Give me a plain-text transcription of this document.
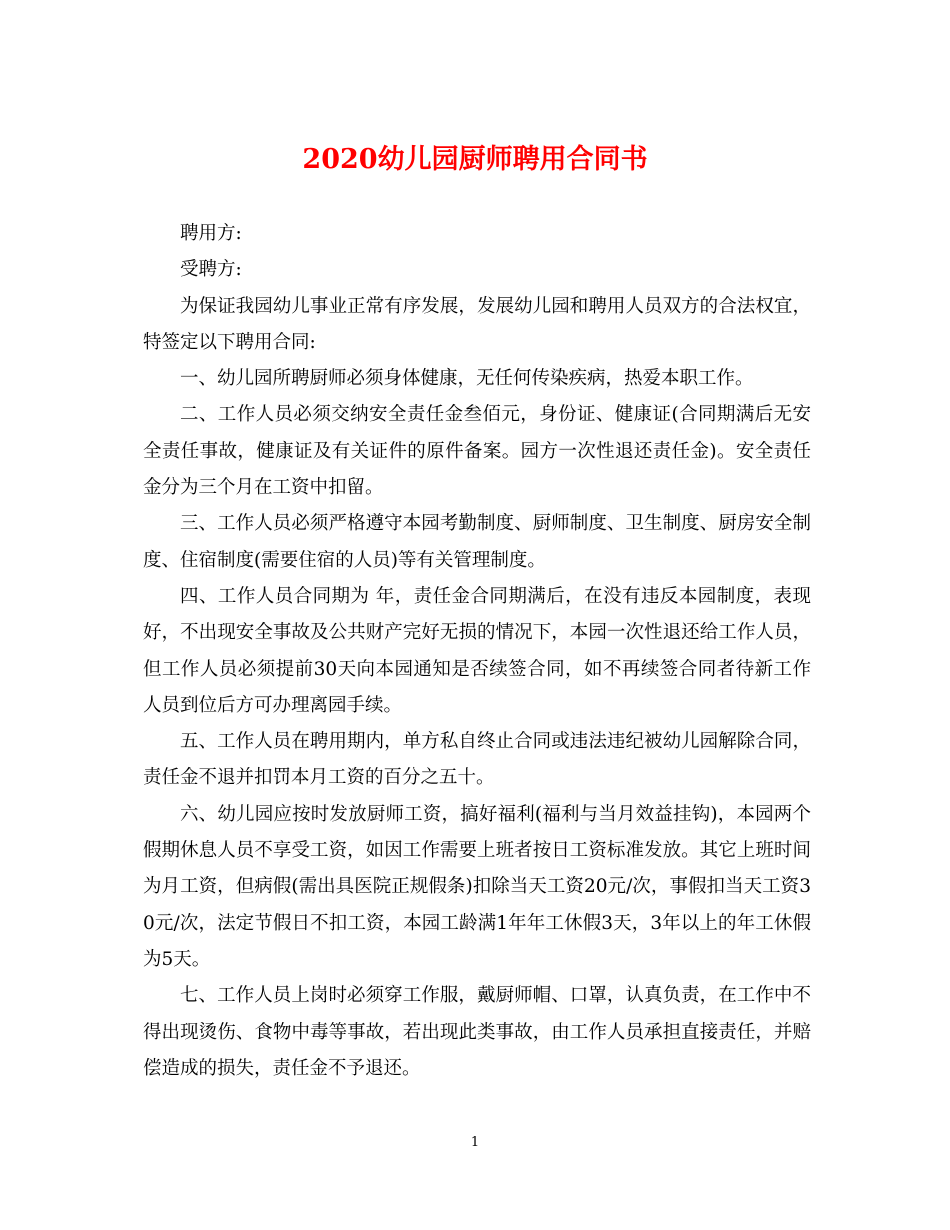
2020幼儿园厨师聘用合同书

聘用方:

受聘方:

为保证我园幼儿事业正常有序发展，发展幼儿园和聘用人员双方的合法权宜，特签定以下聘用合同:

一、幼儿园所聘厨师必须身体健康，无任何传染疾病，热爱本职工作。

二、工作人员必须交纳安全责任金叁佰元，身份证、健康证(合同期满后无安全责任事故，健康证及有关证件的原件备案。园方一次性退还责任金)。安全责任金分为三个月在工资中扣留。

三、工作人员必须严格遵守本园考勤制度、厨师制度、卫生制度、厨房安全制度、住宿制度(需要住宿的人员)等有关管理制度。

四、工作人员合同期为 年，责任金合同期满后，在没有违反本园制度，表现好，不出现安全事故及公共财产完好无损的情况下，本园一次性退还给工作人员，但工作人员必须提前30天向本园通知是否续签合同，如不再续签合同者待新工作人员到位后方可办理离园手续。

五、工作人员在聘用期内，单方私自终止合同或违法违纪被幼儿园解除合同，责任金不退并扣罚本月工资的百分之五十。

六、幼儿园应按时发放厨师工资，搞好福利(福利与当月效益挂钩)，本园两个假期休息人员不享受工资，如因工作需要上班者按日工资标准发放。其它上班时间为月工资，但病假(需出具医院正规假条)扣除当天工资20元/次，事假扣当天工资30元/次，法定节假日不扣工资，本园工龄满1年年工休假3天，3年以上的年工休假为5天。

七、工作人员上岗时必须穿工作服，戴厨师帽、口罩，认真负责，在工作中不得出现烫伤、食物中毒等事故，若出现此类事故，由工作人员承担直接责任，并赔偿造成的损失，责任金不予退还。

1
